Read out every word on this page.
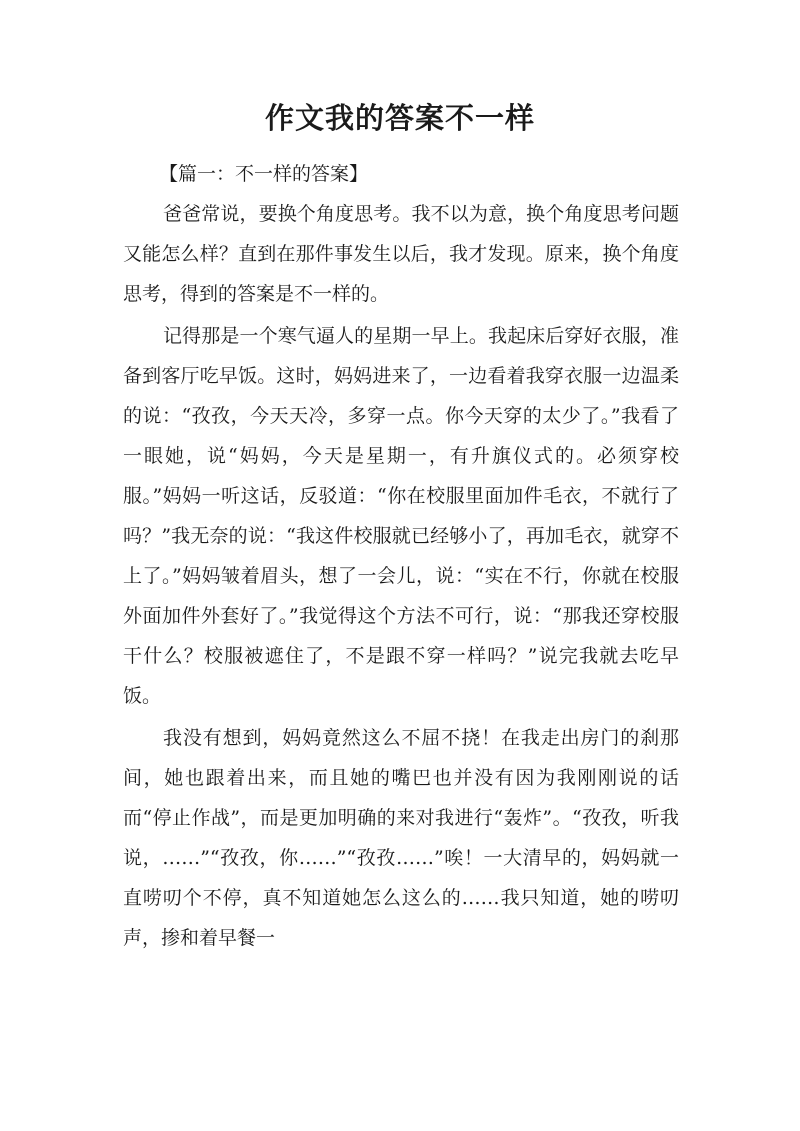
作文我的答案不一样

【篇一：不一样的答案】

爸爸常说，要换个角度思考。我不以为意，换个角度思考问题又能怎么样？直到在那件事发生以后，我才发现。原来，换个角度思考，得到的答案是不一样的。

记得那是一个寒气逼人的星期一早上。我起床后穿好衣服，准备到客厅吃早饭。这时，妈妈进来了，一边看着我穿衣服一边温柔的说：“孜孜，今天天冷，多穿一点。你今天穿的太少了。”我看了一眼她，说“妈妈，今天是星期一，有升旗仪式的。必须穿校服。”妈妈一听这话，反驳道：“你在校服里面加件毛衣，不就行了吗？”我无奈的说：“我这件校服就已经够小了，再加毛衣，就穿不上了。”妈妈皱着眉头，想了一会儿，说：“实在不行，你就在校服外面加件外套好了。”我觉得这个方法不可行，说：“那我还穿校服干什么？校服被遮住了，不是跟不穿一样吗？”说完我就去吃早饭。

我没有想到，妈妈竟然这么不屈不挠！在我走出房门的刹那间，她也跟着出来，而且她的嘴巴也并没有因为我刚刚说的话而“停止作战”，而是更加明确的来对我进行“轰炸”。“孜孜，听我说，……”“孜孜，你……”“孜孜……”唉！一大清早的，妈妈就一直唠叨个不停，真不知道她怎么这么的……我只知道，她的唠叨声，掺和着早餐一
